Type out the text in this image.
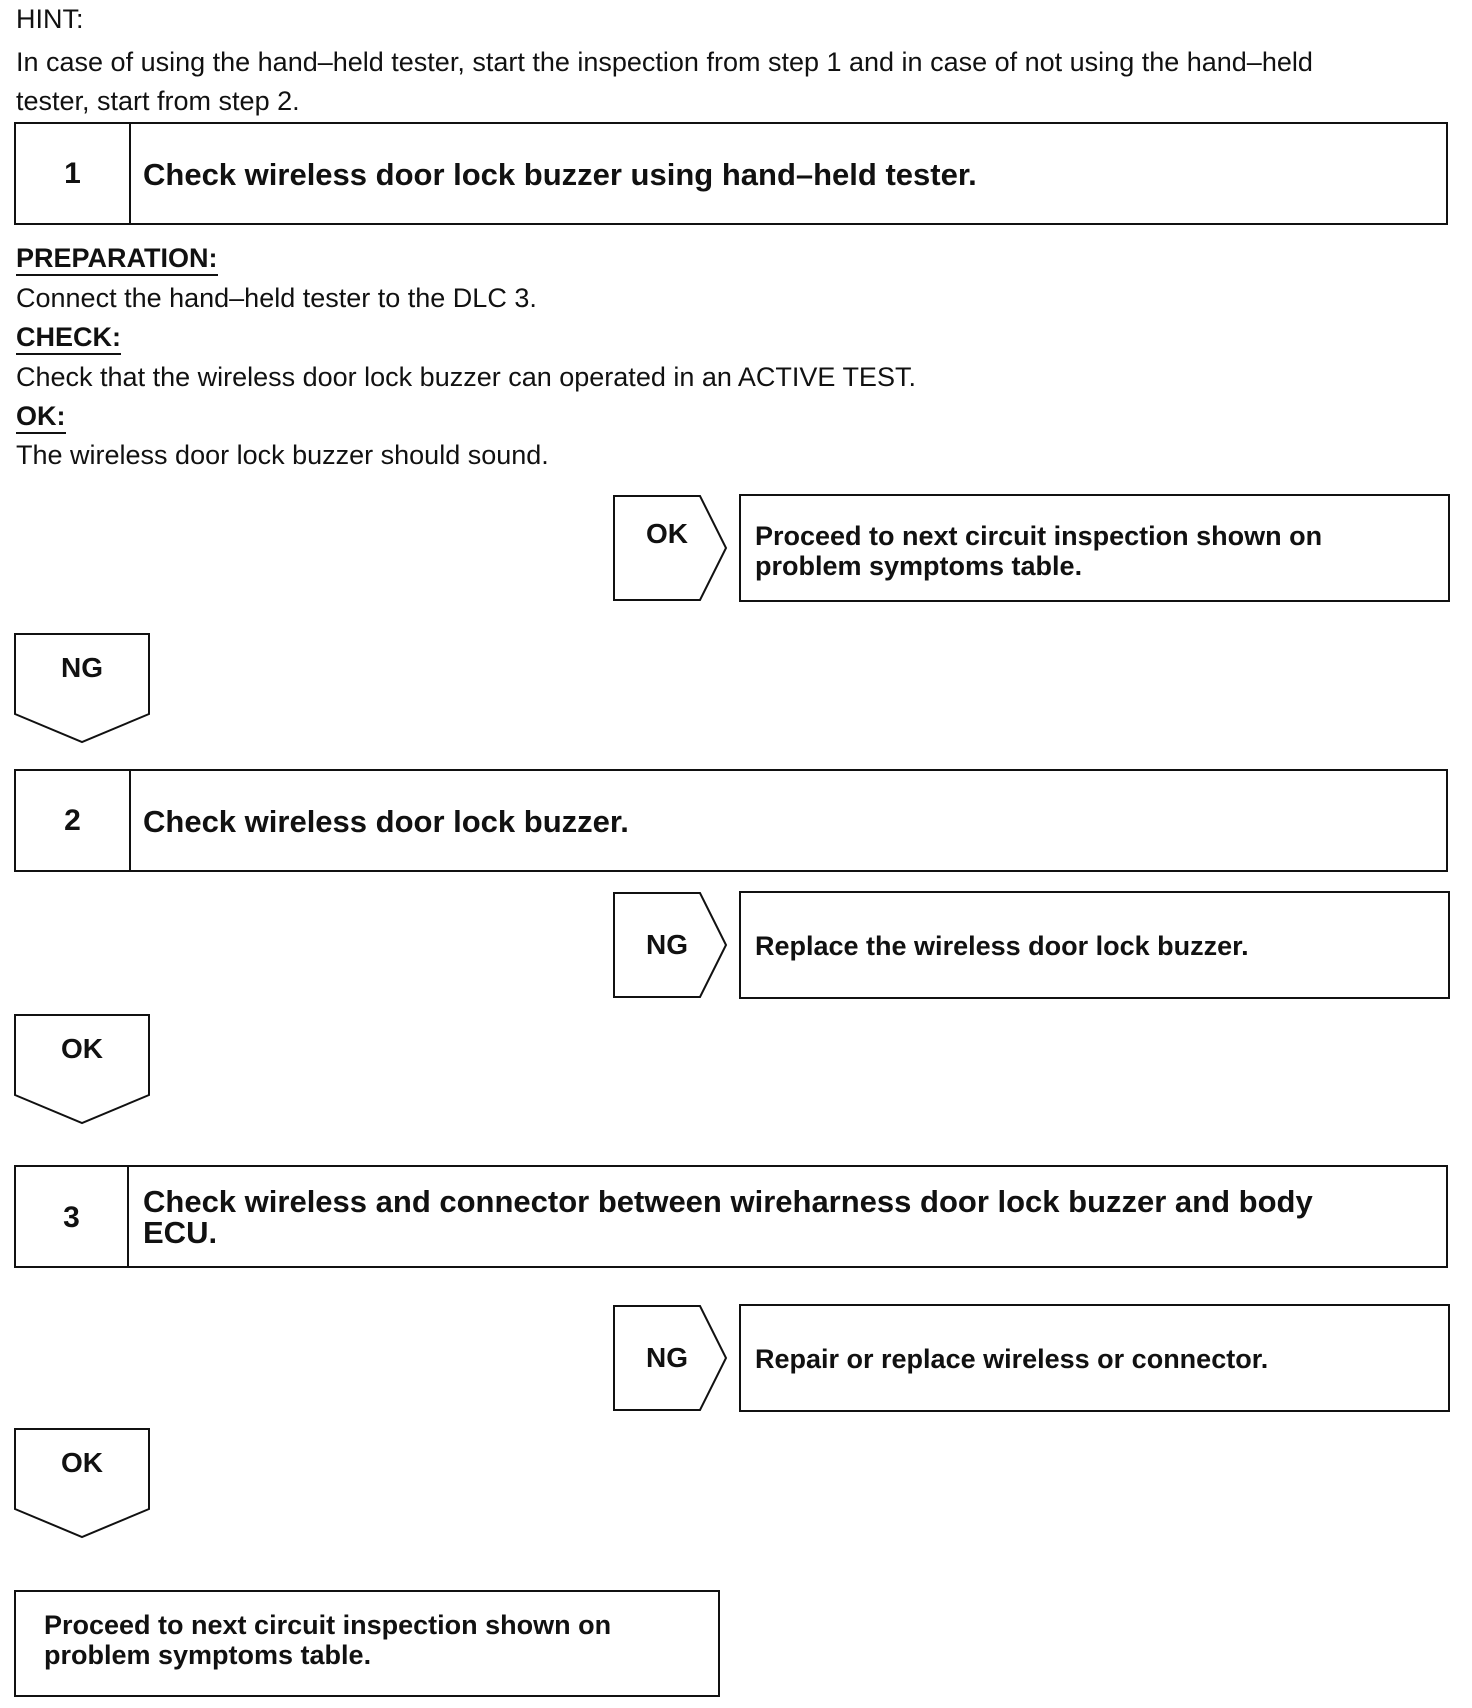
HINT:
In case of using the hand–held tester, start the inspection from step 1 and in case of not using the hand–held
tester, start from step 2.
1	Check wireless door lock buzzer using hand–held tester.
PREPARATION:
Connect the hand–held tester to the DLC 3.
CHECK:
Check that the wireless door lock buzzer can operated in an ACTIVE TEST.
OK:
The wireless door lock buzzer should sound.
OK	Proceed to next circuit inspection shown on
problem symptoms table.
NG
2	Check wireless door lock buzzer.
NG	Replace the wireless door lock buzzer.
OK
3	Check wireless and connector between wireharness door lock buzzer and body
ECU.
NG	Repair or replace wireless or connector.
OK
Proceed to next circuit inspection shown on
problem symptoms table.
